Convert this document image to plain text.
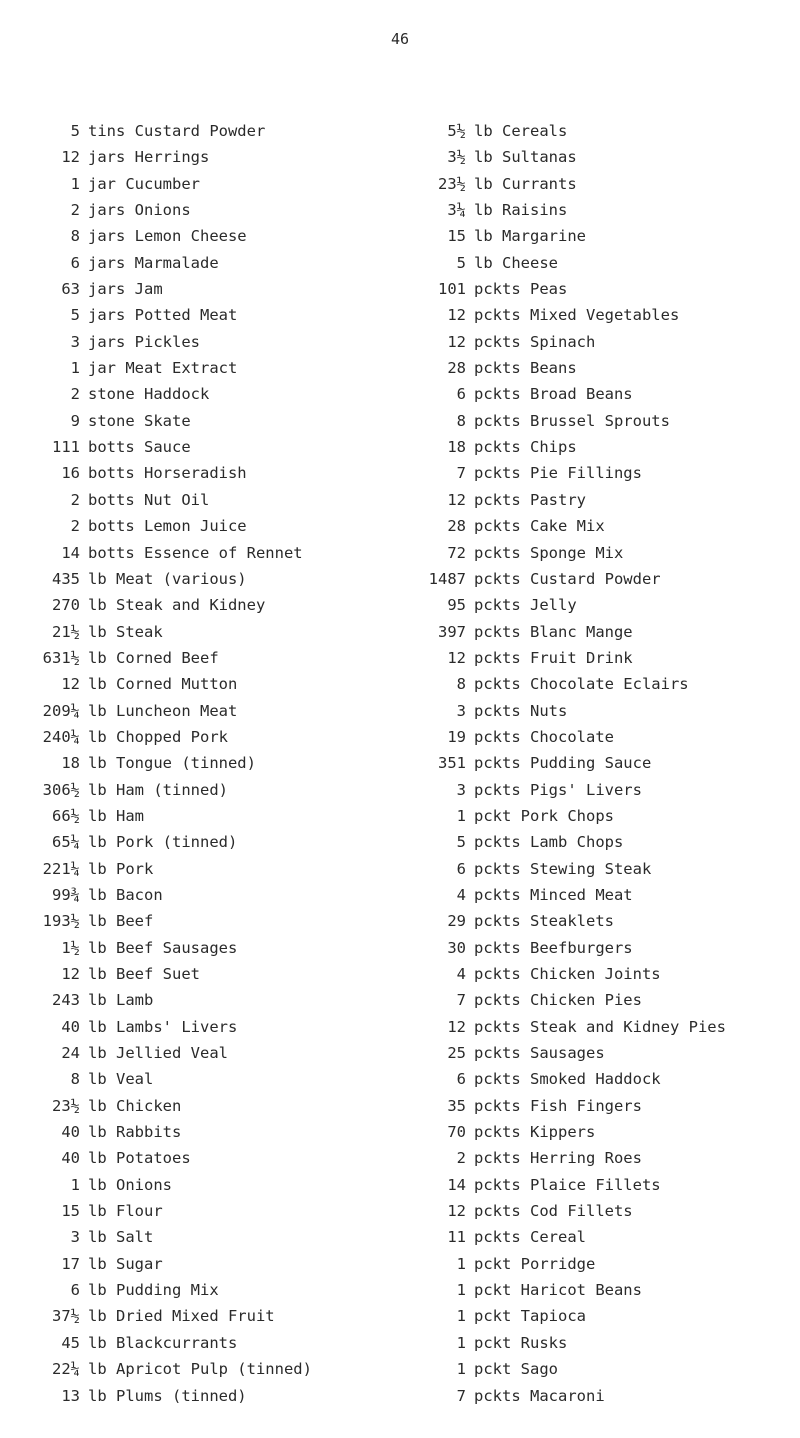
46
5 tins Custard Powder
12 jars Herrings
1 jar Cucumber
2 jars Onions
8 jars Lemon Cheese
6 jars Marmalade
63 jars Jam
5 jars Potted Meat
3 jars Pickles
1 jar Meat Extract
2 stone Haddock
9 stone Skate
111 botts Sauce
16 botts Horseradish
2 botts Nut Oil
2 botts Lemon Juice
14 botts Essence of Rennet
435 lb Meat (various)
270 lb Steak and Kidney
21½ lb Steak
631½ lb Corned Beef
12 lb Corned Mutton
209¼ lb Luncheon Meat
240¼ lb Chopped Pork
18 lb Tongue (tinned)
306½ lb Ham (tinned)
66½ lb Ham
65¼ lb Pork (tinned)
221¼ lb Pork
99¾ lb Bacon
193½ lb Beef
1½ lb Beef Sausages
12 lb Beef Suet
243 lb Lamb
40 lb Lambs' Livers
24 lb Jellied Veal
8 lb Veal
23½ lb Chicken
40 lb Rabbits
40 lb Potatoes
1 lb Onions
15 lb Flour
3 lb Salt
17 lb Sugar
6 lb Pudding Mix
37½ lb Dried Mixed Fruit
45 lb Blackcurrants
22¼ lb Apricot Pulp (tinned)
13 lb Plums (tinned)
5½ lb Cereals
3½ lb Sultanas
23½ lb Currants
3¼ lb Raisins
15 lb Margarine
5 lb Cheese
101 pckts Peas
12 pckts Mixed Vegetables
12 pckts Spinach
28 pckts Beans
6 pckts Broad Beans
8 pckts Brussel Sprouts
18 pckts Chips
7 pckts Pie Fillings
12 pckts Pastry
28 pckts Cake Mix
72 pckts Sponge Mix
1487 pckts Custard Powder
95 pckts Jelly
397 pckts Blanc Mange
12 pckts Fruit Drink
8 pckts Chocolate Eclairs
3 pckts Nuts
19 pckts Chocolate
351 pckts Pudding Sauce
3 pckts Pigs' Livers
1 pckt Pork Chops
5 pckts Lamb Chops
6 pckts Stewing Steak
4 pckts Minced Meat
29 pckts Steaklets
30 pckts Beefburgers
4 pckts Chicken Joints
7 pckts Chicken Pies
12 pckts Steak and Kidney Pies
25 pckts Sausages
6 pckts Smoked Haddock
35 pckts Fish Fingers
70 pckts Kippers
2 pckts Herring Roes
14 pckts Plaice Fillets
12 pckts Cod Fillets
11 pckts Cereal
1 pckt Porridge
1 pckt Haricot Beans
1 pckt Tapioca
1 pckt Rusks
1 pckt Sago
7 pckts Macaroni
